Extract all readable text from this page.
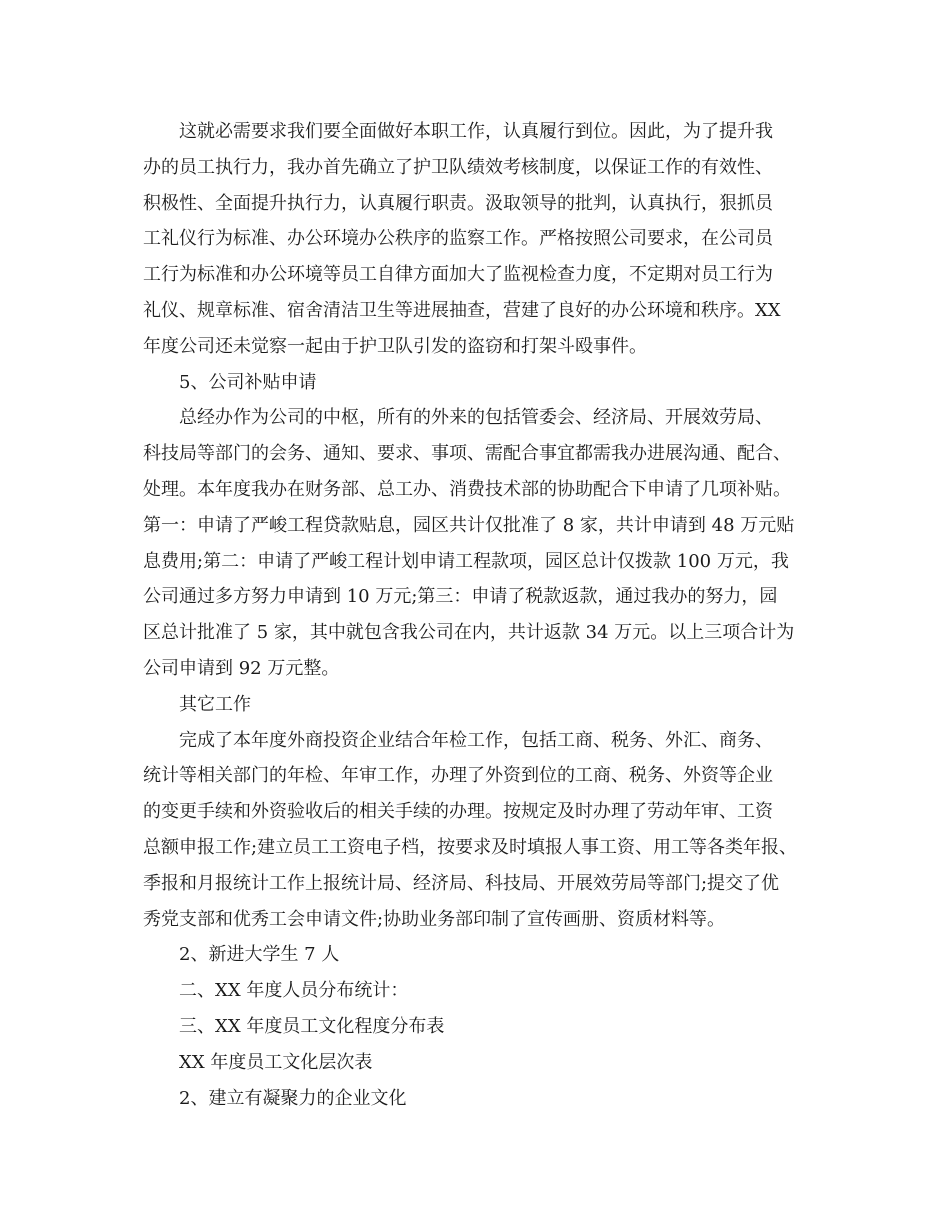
这就必需要求我们要全面做好本职工作，认真履行到位。因此，为了提升我
办的员工执行力，我办首先确立了护卫队绩效考核制度，以保证工作的有效性、
积极性、全面提升执行力，认真履行职责。汲取领导的批判，认真执行，狠抓员
工礼仪行为标准、办公环境办公秩序的监察工作。严格按照公司要求，在公司员
工行为标准和办公环境等员工自律方面加大了监视检查力度，不定期对员工行为
礼仪、规章标准、宿舍清洁卫生等进展抽查，营建了良好的办公环境和秩序。XX
年度公司还未觉察一起由于护卫队引发的盗窃和打架斗殴事件。
5、公司补贴申请
总经办作为公司的中枢，所有的外来的包括管委会、经济局、开展效劳局、
科技局等部门的会务、通知、要求、事项、需配合事宜都需我办进展沟通、配合、
处理。本年度我办在财务部、总工办、消费技术部的协助配合下申请了几项补贴。
第一：申请了严峻工程贷款贴息，园区共计仅批准了 8 家，共计申请到 48 万元贴
息费用;第二：申请了严峻工程计划申请工程款项，园区总计仅拨款 100 万元，我
公司通过多方努力申请到 10 万元;第三：申请了税款返款，通过我办的努力，园
区总计批准了 5 家，其中就包含我公司在内，共计返款 34 万元。以上三项合计为
公司申请到 92 万元整。
其它工作
完成了本年度外商投资企业结合年检工作，包括工商、税务、外汇、商务、
统计等相关部门的年检、年审工作，办理了外资到位的工商、税务、外资等企业
的变更手续和外资验收后的相关手续的办理。按规定及时办理了劳动年审、工资
总额申报工作;建立员工工资电子档，按要求及时填报人事工资、用工等各类年报、
季报和月报统计工作上报统计局、经济局、科技局、开展效劳局等部门;提交了优
秀党支部和优秀工会申请文件;协助业务部印制了宣传画册、资质材料等。
2、新进大学生 7 人
二、XX 年度人员分布统计：
三、XX 年度员工文化程度分布表
XX 年度员工文化层次表
2、建立有凝聚力的企业文化
